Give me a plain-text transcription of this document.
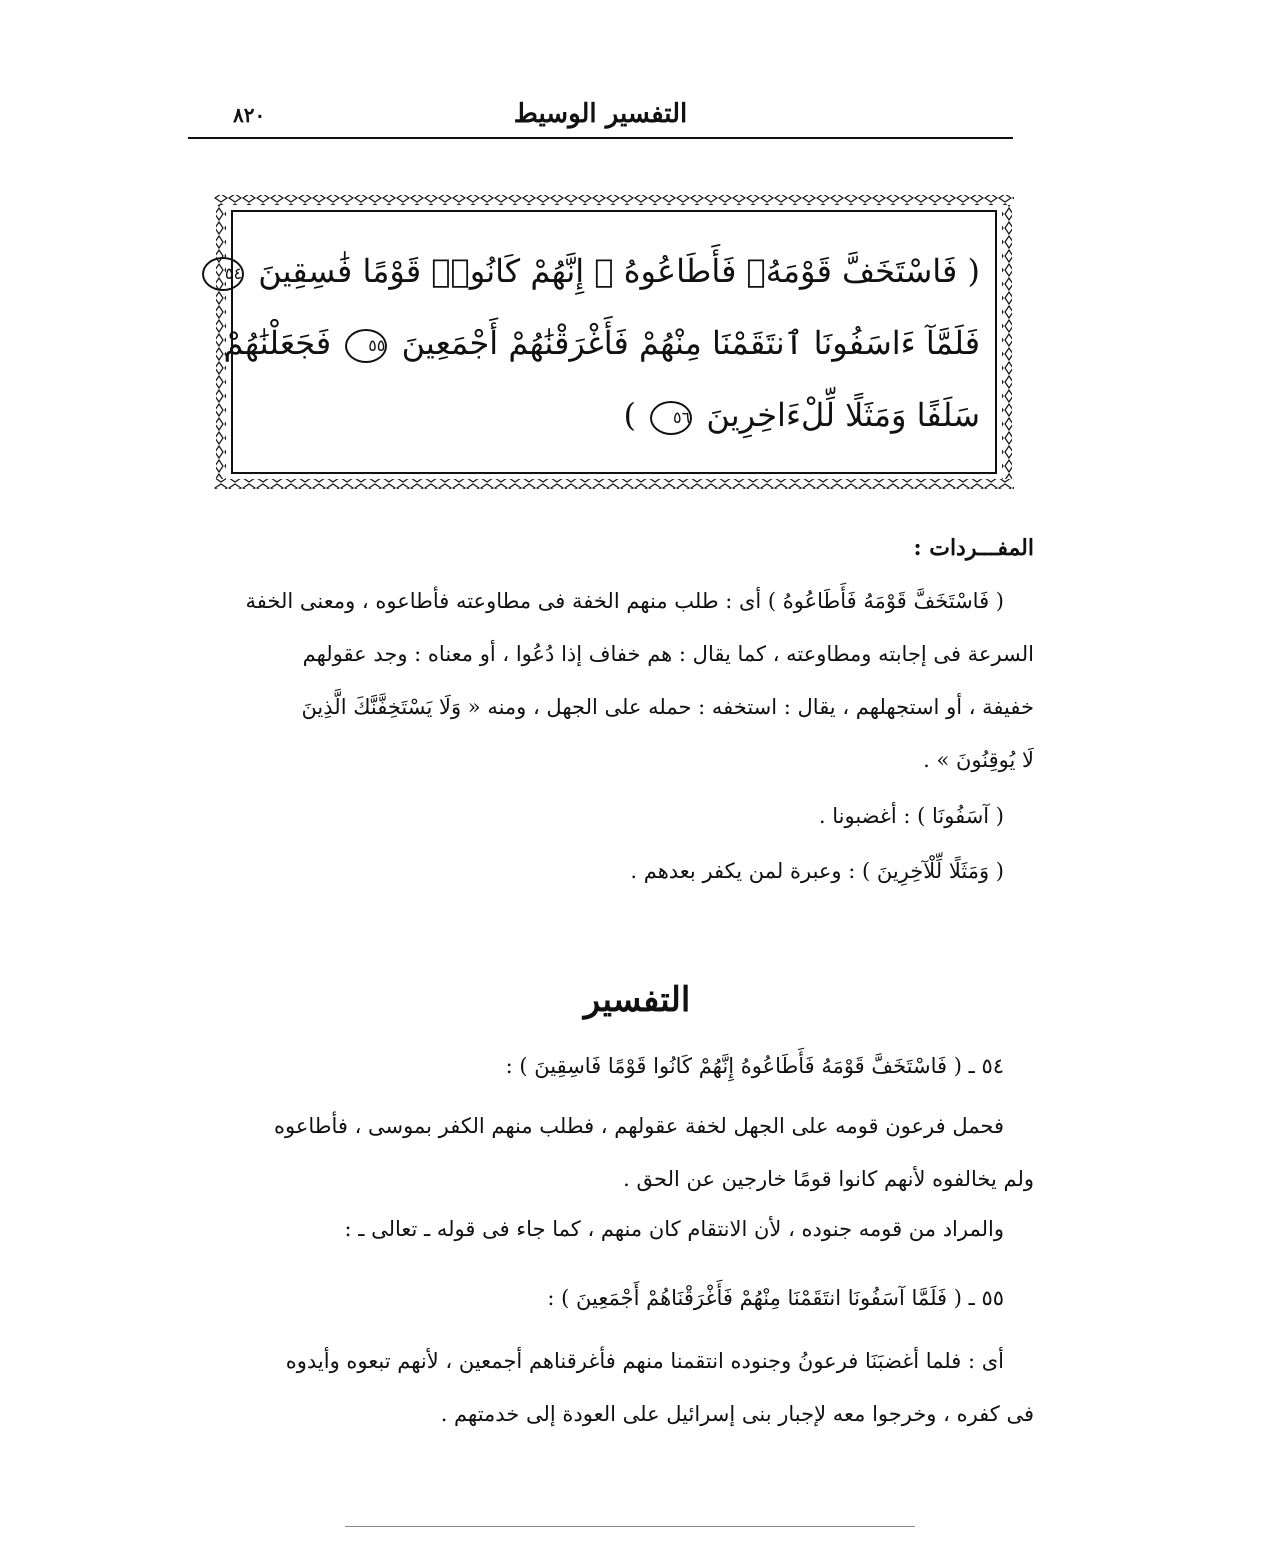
٨٢٠	التفسير الوسيط
( فَاسْتَخَفَّ قَوْمَهُۥ فَأَطَاعُوهُ ۚ إِنَّهُمْ كَانُوا۟ قَوْمًا فَٰسِقِينَ ٥٤
فَلَمَّآ ءَاسَفُونَا ٱنتَقَمْنَا مِنْهُمْ فَأَغْرَقْنَٰهُمْ أَجْمَعِينَ ٥٥ فَجَعَلْنَٰهُمْ
سَلَفًا وَمَثَلًا لِّلْءَاخِرِينَ ٥٦ )
المفـــردات :
( فَاسْتَخَفَّ قَوْمَهُ فَأَطَاعُوهُ ) أى : طلب منهم الخفة فى مطاوعته فأطاعوه ، ومعنى الخفة
السرعة فى إجابته ومطاوعته ، كما يقال : هم خفاف إذا دُعُوا ، أو معناه : وجد عقولهم
خفيفة ، أو استجهلهم ، يقال : استخفه : حمله على الجهل ، ومنه « وَلَا يَسْتَخِفَّنَّكَ الَّذِينَ
لَا يُوقِنُونَ » .
( آسَفُونَا ) : أغضبونا .
( وَمَثَلًا لِّلْآخِرِينَ ) : وعبرة لمن يكفر بعدهم .
التفسير
٥٤ ـ ( فَاسْتَخَفَّ قَوْمَهُ فَأَطَاعُوهُ إِنَّهُمْ كَانُوا قَوْمًا فَاسِقِينَ ) :
فحمل فرعون قومه على الجهل لخفة عقولهم ، فطلب منهم الكفر بموسى ، فأطاعوه
ولم يخالفوه لأنهم كانوا قومًا خارجين عن الحق .
والمراد من قومه جنوده ، لأن الانتقام كان منهم ، كما جاء فى قوله ـ تعالى ـ :
٥٥ ـ ( فَلَمَّا آسَفُونَا انتَقَمْنَا مِنْهُمْ فَأَغْرَقْنَاهُمْ أَجْمَعِينَ ) :
أى : فلما أغضبَنَا فرعونُ وجنوده انتقمنا منهم فأغرقناهم أجمعين ، لأنهم تبعوه وأيدوه
فى كفره ، وخرجوا معه لإجبار بنى إسرائيل على العودة إلى خدمتهم .
